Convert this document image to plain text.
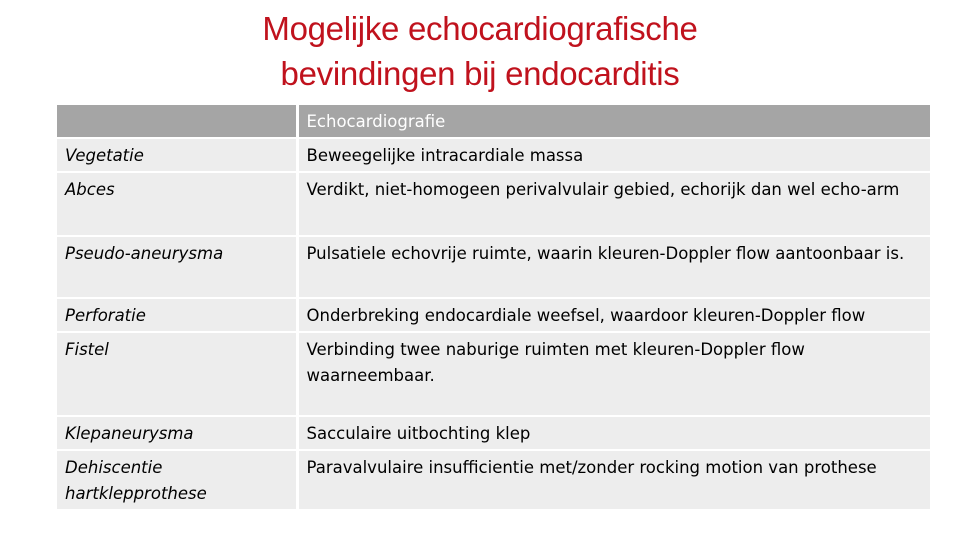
Mogelijke echocardiografische
bevindingen bij endocarditis
	Echocardiografie
Vegetatie	Beweegelijke intracardiale massa
Abces	Verdikt, niet-homogeen perivalvulair gebied, echorijk dan wel echo-arm
Pseudo-aneurysma	Pulsatiele echovrije ruimte, waarin kleuren-Doppler flow aantoonbaar is.
Perforatie	Onderbreking endocardiale weefsel, waardoor kleuren-Doppler flow
Fistel	Verbinding twee naburige ruimten met kleuren-Doppler flow waarneembaar.
Klepaneurysma	Sacculaire uitbochting klep
Dehiscentie hartklepprothese	Paravalvulaire insufficientie met/zonder rocking motion van prothese
